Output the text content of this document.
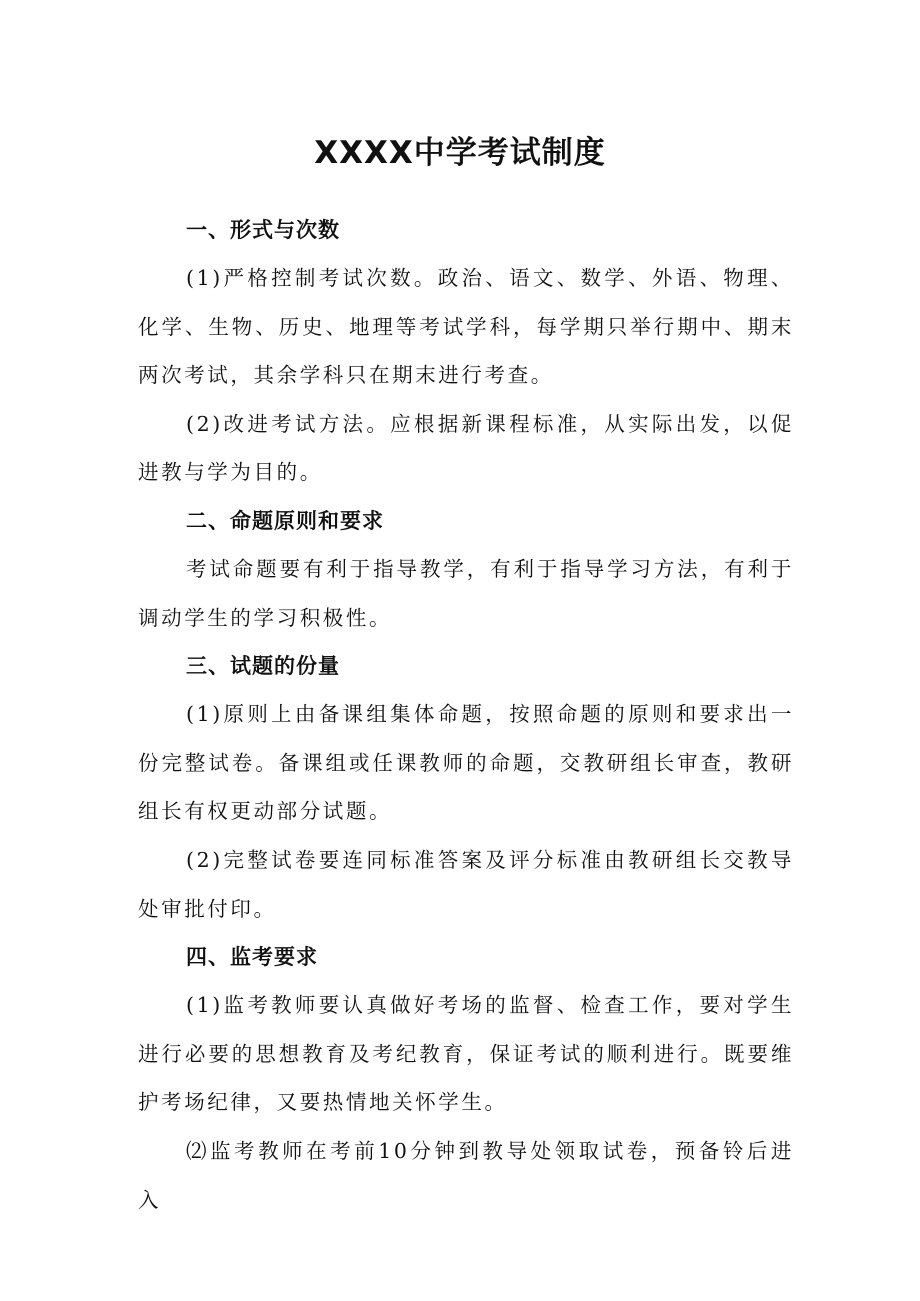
XXXX中学考试制度
一、形式与次数

(1)严格控制考试次数。政治、语文、数学、外语、物理、化学、生物、历史、地理等考试学科，每学期只举行期中、期末两次考试，其余学科只在期末进行考查。

(2)改进考试方法。应根据新课程标准，从实际出发，以促进教与学为目的。

二、命题原则和要求

考试命题要有利于指导教学，有利于指导学习方法，有利于调动学生的学习积极性。

三、试题的份量

(1)原则上由备课组集体命题，按照命题的原则和要求出一份完整试卷。备课组或任课教师的命题，交教研组长审查，教研组长有权更动部分试题。

(2)完整试卷要连同标准答案及评分标准由教研组长交教导处审批付印。

四、监考要求

(1)监考教师要认真做好考场的监督、检查工作，要对学生进行必要的思想教育及考纪教育，保证考试的顺利进行。既要维护考场纪律，又要热情地关怀学生。

⑵监考教师在考前10分钟到教导处领取试卷，预备铃后进入
